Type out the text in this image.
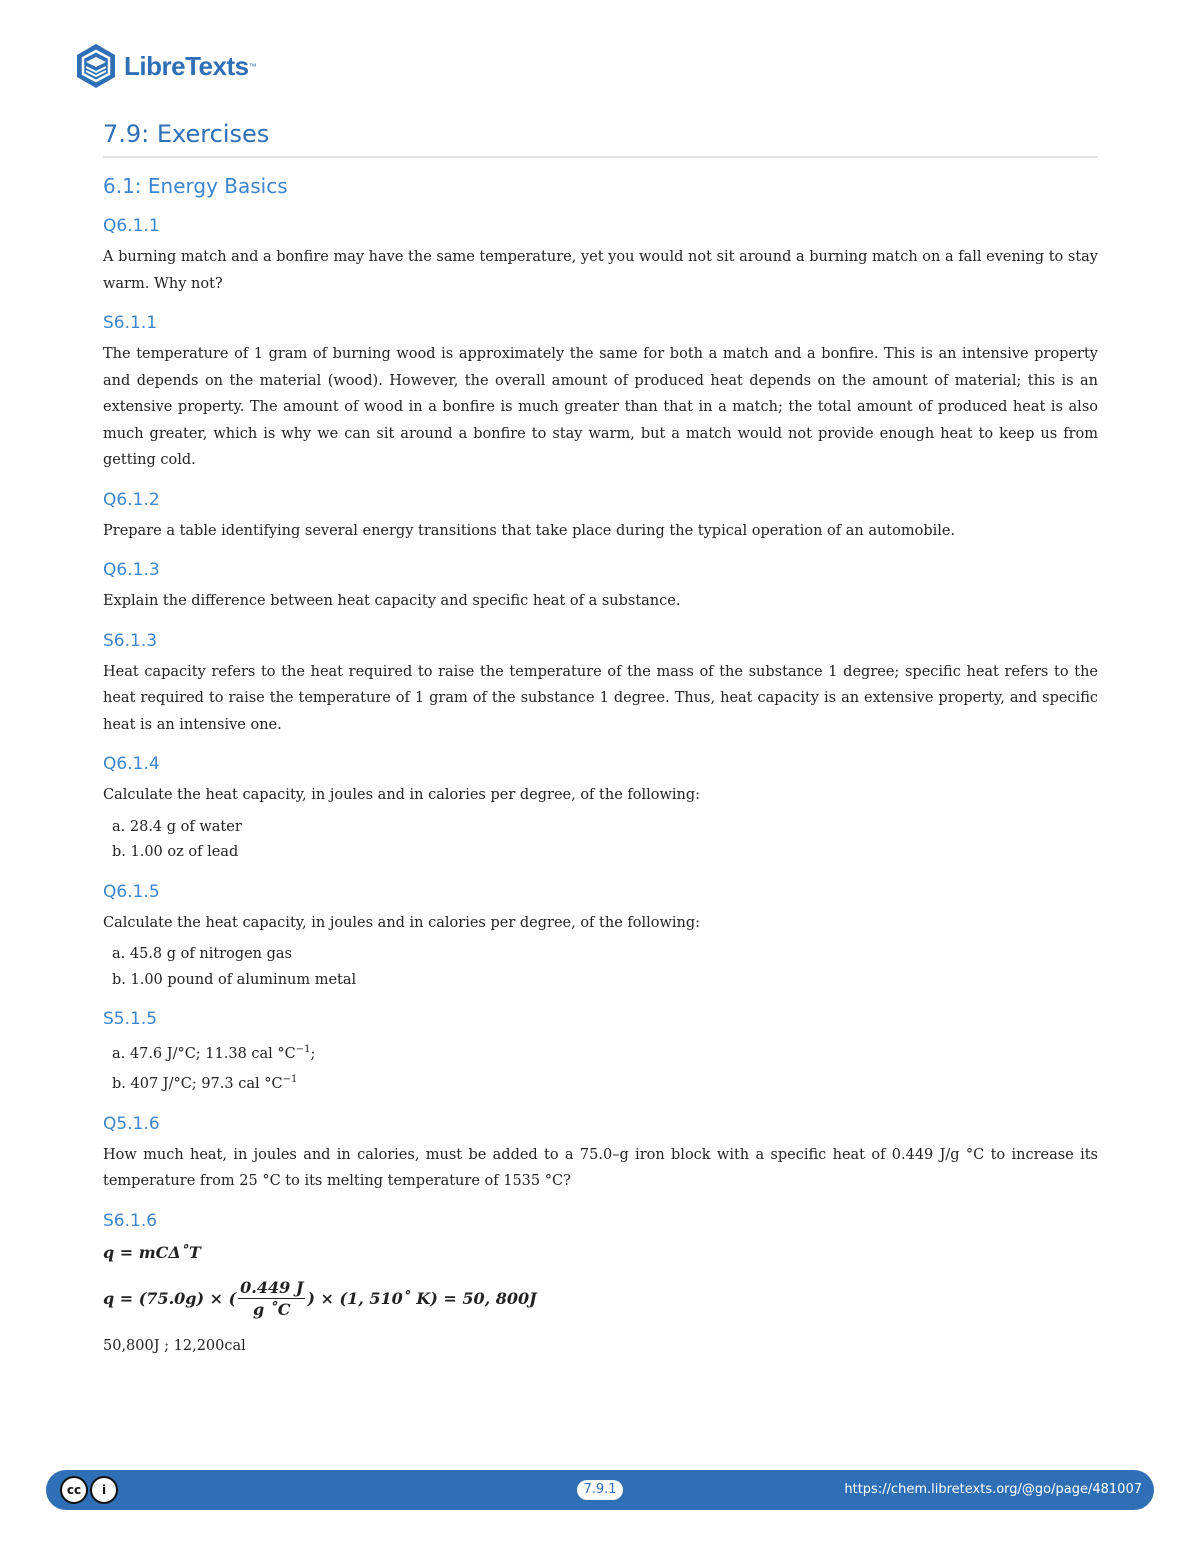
LibreTexts ™
7.9: Exercises
6.1: Energy Basics
Q6.1.1

A burning match and a bonfire may have the same temperature, yet you would not sit around a burning match on a fall evening to stay warm. Why not?

S6.1.1

The temperature of 1 gram of burning wood is approximately the same for both a match and a bonfire. This is an intensive property and depends on the material (wood). However, the overall amount of produced heat depends on the amount of material; this is an extensive property. The amount of wood in a bonfire is much greater than that in a match; the total amount of produced heat is also much greater, which is why we can sit around a bonfire to stay warm, but a match would not provide enough heat to keep us from getting cold.

Q6.1.2

Prepare a table identifying several energy transitions that take place during the typical operation of an automobile.

Q6.1.3

Explain the difference between heat capacity and specific heat of a substance.

S6.1.3

Heat capacity refers to the heat required to raise the temperature of the mass of the substance 1 degree; specific heat refers to the heat required to raise the temperature of 1 gram of the substance 1 degree. Thus, heat capacity is an extensive property, and specific heat is an intensive one.

Q6.1.4

Calculate the heat capacity, in joules and in calories per degree, of the following:

a. 28.4 g of water
b. 1.00 oz of lead
Q6.1.5

Calculate the heat capacity, in joules and in calories per degree, of the following:

a. 45.8 g of nitrogen gas
b. 1.00 pound of aluminum metal
S5.1.5
a. 47.6 J/°C; 11.38 cal $^\circ C^{-1}$;
b. 407 J/°C; 97.3 cal $^\circ C^{-1}$
Q5.1.6

How much heat, in joules and in calories, must be added to a 75.0–g iron block with a specific heat of 0.449 J/g °C to increase its temperature from 25 °C to its melting temperature of 1535 °C?

S6.1.6
q = mCΔ˚T
q = (75.0g) × ( $\frac{0.449 J}{g ˚C}$ ) × (1, 510˚ K) = 50, 800J
50,800J ; 12,200cal
cc	i	7.9.1	https://chem.libretexts.org/@go/page/481007
